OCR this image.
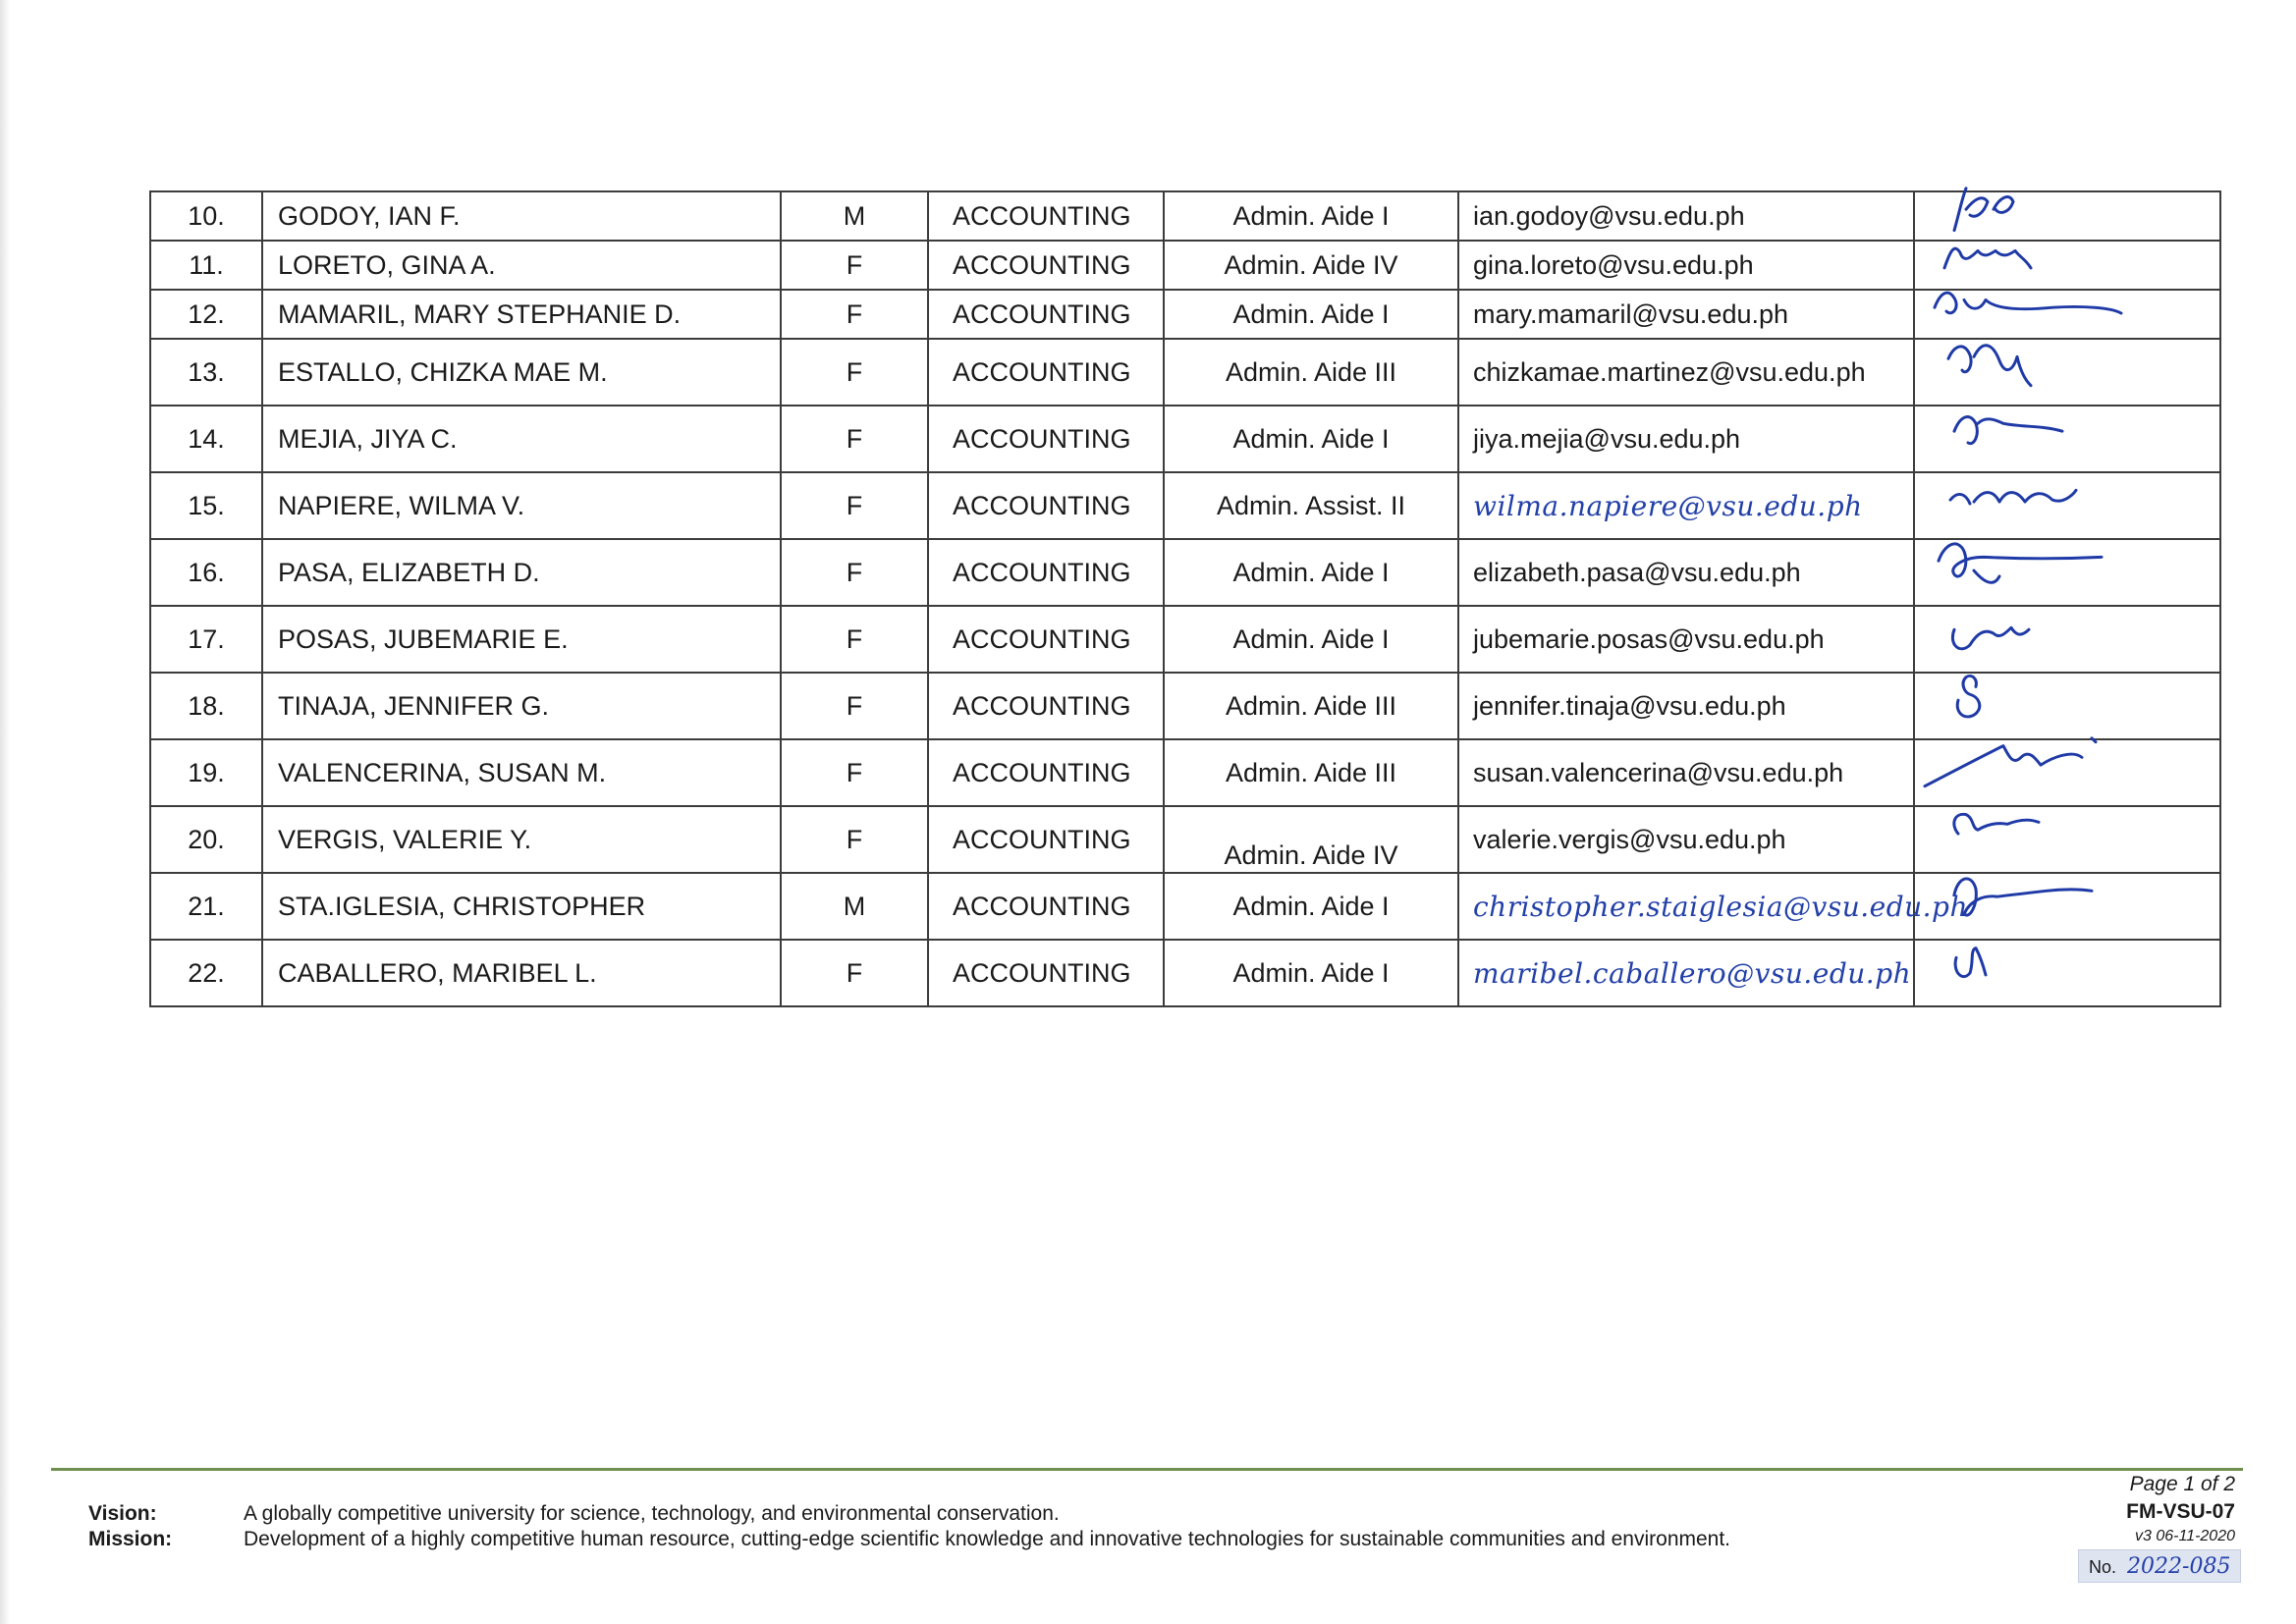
10.	GODOY, IAN F.	M	ACCOUNTING	Admin. Aide I	ian.godoy@vsu.edu.ph	

11.	LORETO, GINA A.	F	ACCOUNTING	Admin. Aide IV	gina.loreto@vsu.edu.ph	

12.	MAMARIL, MARY STEPHANIE D.	F	ACCOUNTING	Admin. Aide I	mary.mamaril@vsu.edu.ph	

13.	ESTALLO, CHIZKA MAE M.	F	ACCOUNTING	Admin. Aide III	chizkamae.martinez@vsu.edu.ph	

14.	MEJIA, JIYA C.	F	ACCOUNTING	Admin. Aide I	jiya.mejia@vsu.edu.ph	

15.	NAPIERE, WILMA V.	F	ACCOUNTING	Admin. Assist. II	wilma.napiere@vsu.edu.ph	

16.	PASA, ELIZABETH D.	F	ACCOUNTING	Admin. Aide I	elizabeth.pasa@vsu.edu.ph	

17.	POSAS, JUBEMARIE E.	F	ACCOUNTING	Admin. Aide I	jubemarie.posas@vsu.edu.ph	

18.	TINAJA, JENNIFER G.	F	ACCOUNTING	Admin. Aide III	jennifer.tinaja@vsu.edu.ph	

19.	VALENCERINA, SUSAN M.	F	ACCOUNTING	Admin. Aide III	susan.valencerina@vsu.edu.ph	

20.	VERGIS, VALERIE Y.	F	ACCOUNTING	Admin. Aide IV	valerie.vergis@vsu.edu.ph	

21.	STA.IGLESIA, CHRISTOPHER	M	ACCOUNTING	Admin. Aide I	christopher.staiglesia@vsu.edu.ph	

22.	CABALLERO, MARIBEL L.	F	ACCOUNTING	Admin. Aide I	maribel.caballero@vsu.edu.ph	
Vision:	A globally competitive university for science, technology, and environmental conservation.
Mission:	Development of a highly competitive human resource, cutting-edge scientific knowledge and innovative technologies for sustainable communities and environment.
Page 1 of 2
FM-VSU-07
v3 06-11-2020
No. 2022-085
